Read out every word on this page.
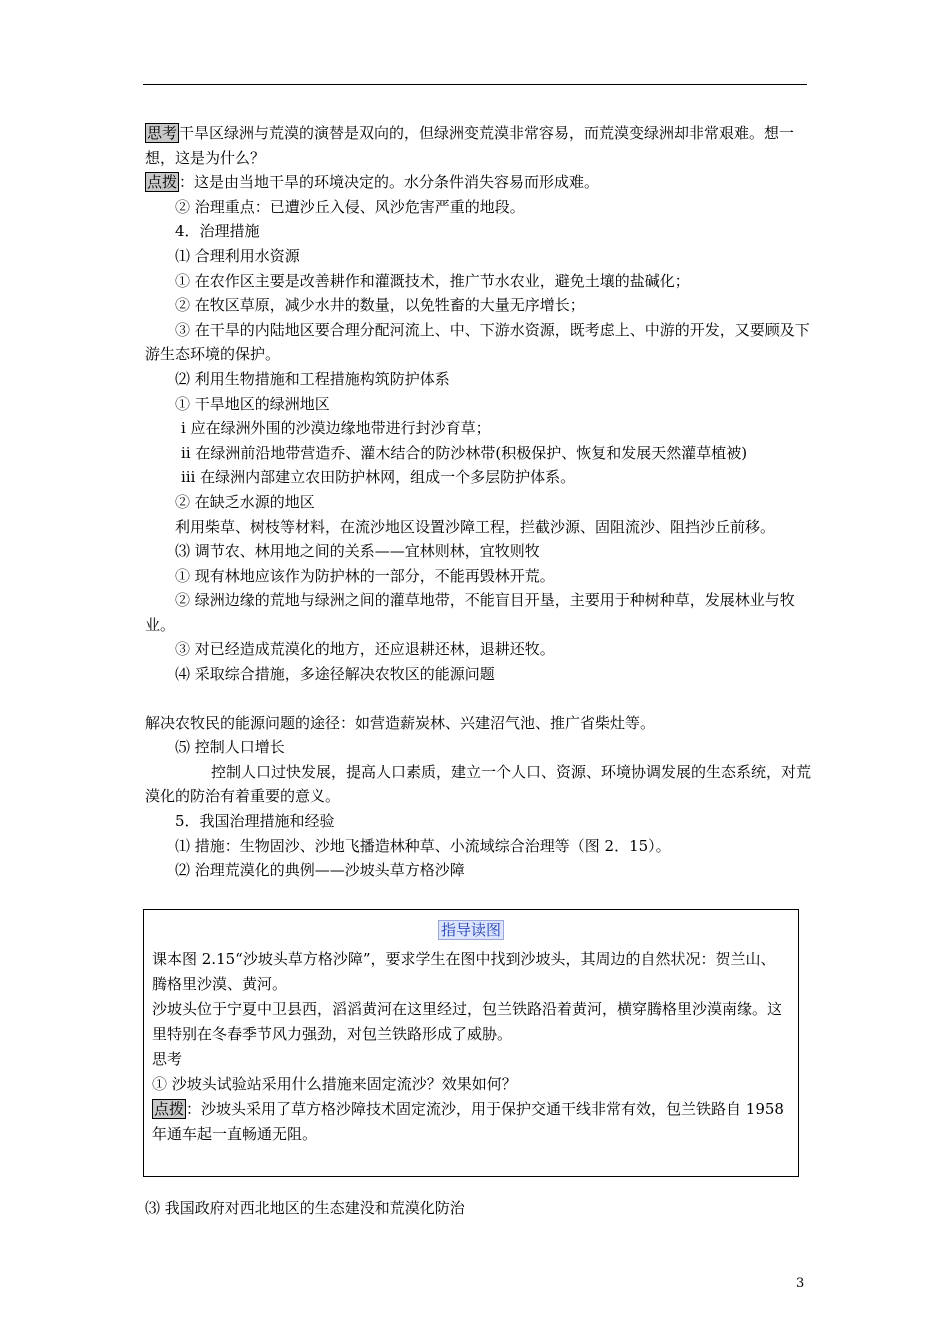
思考 干旱区绿洲与荒漠的演替是双向的，但绿洲变荒漠非常容易，而荒漠变绿洲却非常艰难。想一想，这是为什么？
点拨 ：这是由当地干旱的环境决定的。水分条件消失容易而形成难。
② 治理重点：已遭沙丘入侵、风沙危害严重的地段。
4．治理措施
⑴ 合理利用水资源
① 在农作区主要是改善耕作和灌溉技术，推广节水农业，避免土壤的盐碱化；
② 在牧区草原，减少水井的数量，以免牲畜的大量无序增长；
③ 在干旱的内陆地区要合理分配河流上、中、下游水资源，既考虑上、中游的开发，又要顾及下游生态环境的保护。
⑵ 利用生物措施和工程措施构筑防护体系
① 干旱地区的绿洲地区
ⅰ 应在绿洲外围的沙漠边缘地带进行封沙育草；
ⅱ 在绿洲前沿地带营造乔、灌木结合的防沙林带(积极保护、恢复和发展天然灌草植被)
ⅲ 在绿洲内部建立农田防护林网，组成一个多层防护体系。
② 在缺乏水源的地区
利用柴草、树枝等材料，在流沙地区设置沙障工程，拦截沙源、固阻流沙、阻挡沙丘前移。
⑶ 调节农、林用地之间的关系——宜林则林，宜牧则牧
① 现有林地应该作为防护林的一部分，不能再毁林开荒。
② 绿洲边缘的荒地与绿洲之间的灌草地带，不能盲目开垦，主要用于种树种草，发展林业与牧业。
③ 对已经造成荒漠化的地方，还应退耕还林，退耕还牧。
⑷ 采取综合措施，多途径解决农牧区的能源问题
解决农牧民的能源问题的途径：如营造薪炭林、兴建沼气池、推广省柴灶等。
⑸ 控制人口增长
控制人口过快发展，提高人口素质，建立一个人口、资源、环境协调发展的生态系统，对荒漠化的防治有着重要的意义。
5．我国治理措施和经验
⑴ 措施：生物固沙、沙地飞播造林种草、小流域综合治理等（图 2．15）。
⑵ 治理荒漠化的典例——沙坡头草方格沙障
指导读图
课本图 2.15“沙坡头草方格沙障”，要求学生在图中找到沙坡头，其周边的自然状况：贺兰山、腾格里沙漠、黄河。
沙坡头位于宁夏中卫县西，滔滔黄河在这里经过，包兰铁路沿着黄河，横穿腾格里沙漠南缘。这里特别在冬春季节风力强劲，对包兰铁路形成了威胁。
思考
① 沙坡头试验站采用什么措施来固定流沙？效果如何？
点拨 ：沙坡头采用了草方格沙障技术固定流沙，用于保护交通干线非常有效，包兰铁路自 1958 年通车起一直畅通无阻。
⑶ 我国政府对西北地区的生态建没和荒漠化防治
3
